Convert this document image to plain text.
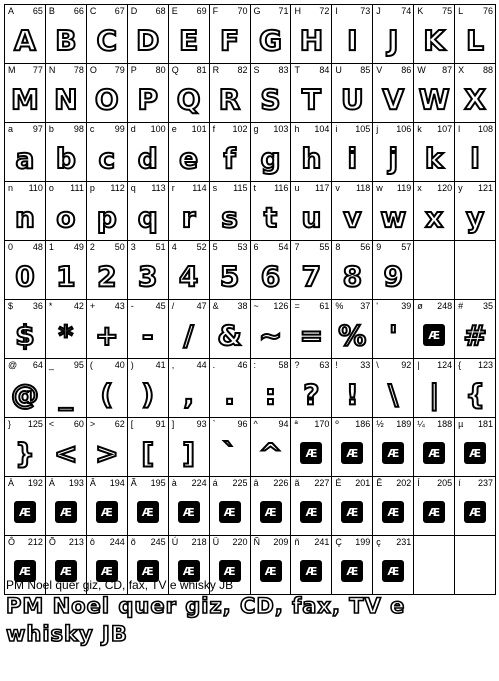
A 65
A
B 66
B
C 67
C
D 68
D
E 69
E
F 70
F
G 71
G
H 72
H
I 73
I
J 74
J
K 75
K
L 76
L
M 77
M
N 78
N
O 79
O
P 80
P
Q 81
Q
R 82
R
S 83
S
T 84
T
U 85
U
V 86
V
W 87
W
X 88
X
a 97
a
b 98
b
c 99
c
d 100
d
e 101
e
f 102
f
g 103
g
h 104
h
i 105
i
j 106
j
k 107
k
l 108
l
n 110
n
o 111
o
p 112
p
q 113
q
r 114
r
s 115
s
t 116
t
u 117
u
v 118
v
w 119
w
x 120
x
y 121
y
0 48
0
1 49
1
2 50
2
3 51
3
4 52
4
5 53
5
6 54
6
7 55
7
8 56
8
9 57
9
$ 36
$
* 42
*
+ 43
+
- 45
-
/ 47
/
& 38
&
~ 126
~
= 61
=
% 37
%
'	39
'
ø 248
Æ
# 35
#
@ 64
@
_ 95
_
( 40
(
) 41
)
, 44
,
. 46
.
: 58
:
? 63
?
! 33
!
\ 92
\
| 124
|
{ 123
{
} 125
}
< 60
<
> 62
>
[ 91
[
] 93
]
` 96
`
^ 94
^
ª 170
Æ
º 186
Æ
½ 189
Æ
¼ 188
Æ
µ 181
Æ
À 192
Æ
Á 193
Æ
Â 194
Æ
Ã 195
Æ
à 224
Æ
á 225
Æ
â 226
Æ
ã 227
Æ
É 201
Æ
Ê 202
Æ
Í 205
Æ
í 237
Æ
Ô 212
Æ
Õ 213
Æ
ô 244
Æ
õ 245
Æ
Ú 218
Æ
Ü 220
Æ
Ñ 209
Æ
ñ 241
Æ
Ç 199
Æ
ç 231
Æ
PM Noel quer giz, CD, fax, TV e whisky JB
PM Noel quer giz, CD, fax, TV e whisky JB
